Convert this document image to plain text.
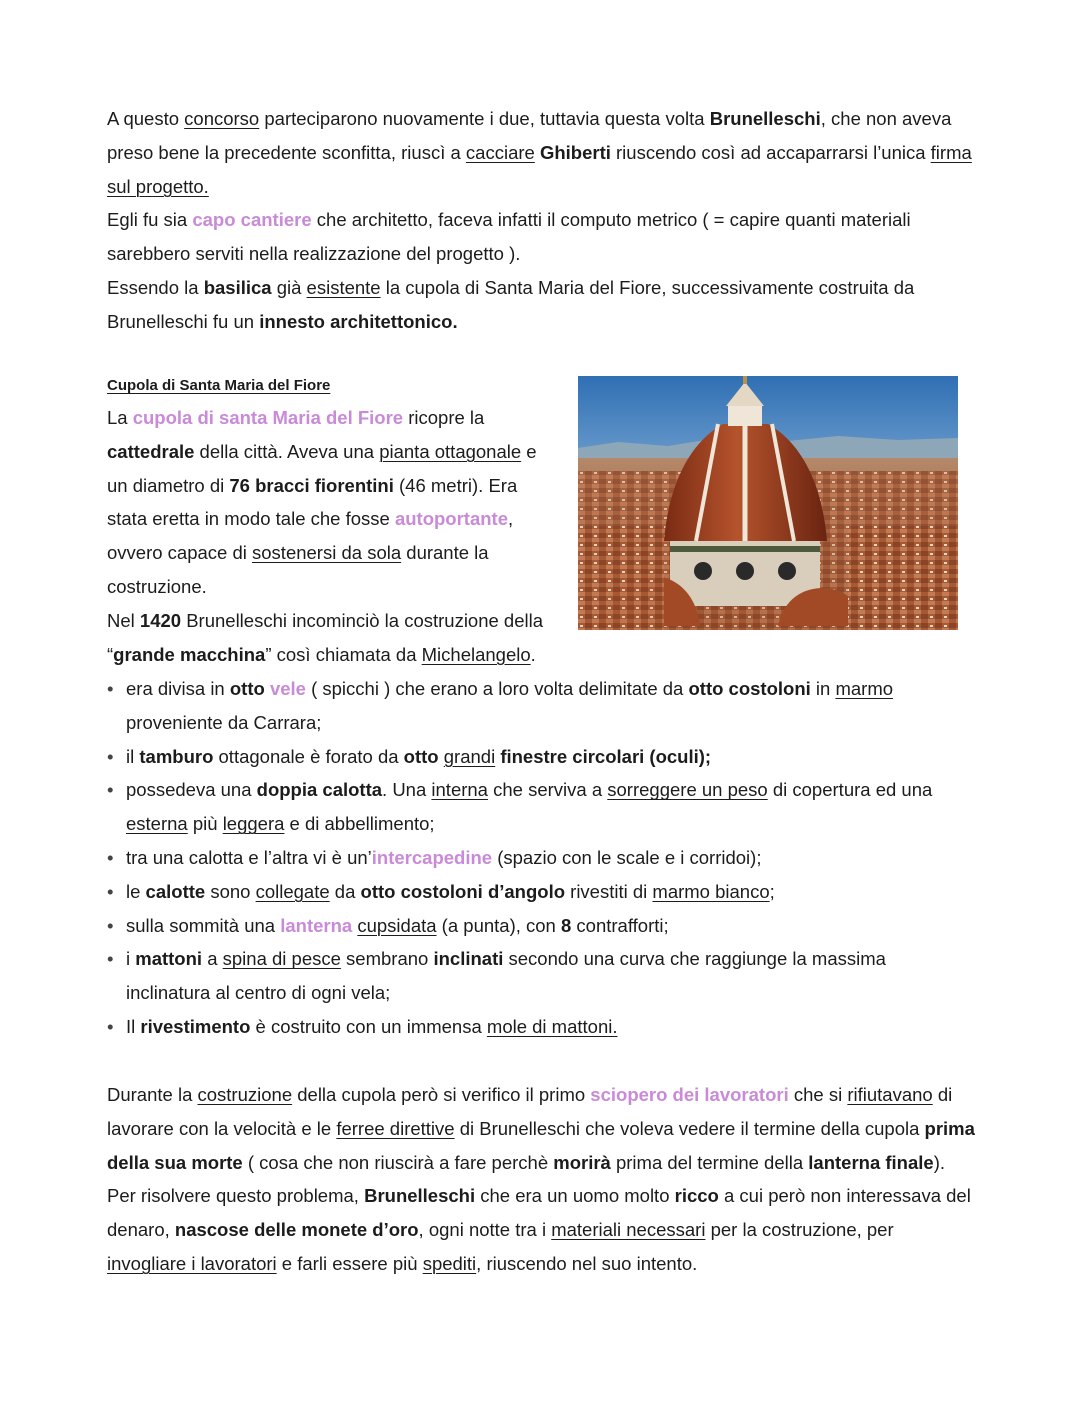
A questo concorso parteciparono nuovamente i due, tuttavia questa volta Brunelleschi, che non aveva preso bene la precedente sconfitta, riuscì a cacciare Ghiberti riuscendo così ad accaparrarsi l’unica firma sul progetto.

Egli fu sia capo cantiere che architetto, faceva infatti il computo metrico ( = capire quanti materiali sarebbero serviti nella realizzazione del progetto ).

Essendo la basilica già esistente la cupola di Santa Maria del Fiore, successivamente costruita da Brunelleschi fu un innesto architettonico.

Cupola di Santa Maria del Fiore

La cupola di santa Maria del Fiore ricopre la cattedrale della città. Aveva una pianta ottagonale e un diametro di 76 bracci fiorentini (46 metri). Era stata eretta in modo tale che fosse autoportante, ovvero capace di sostenersi da sola durante la costruzione.

Nel 1420 Brunelleschi incominciò la costruzione della “grande macchina” così chiamata da Michelangelo.

• era divisa in otto vele ( spicchi ) che erano a loro volta delimitate da otto costoloni in marmo proveniente da Carrara;
• il tamburo ottagonale è forato da otto grandi finestre circolari (oculi);
• possedeva una doppia calotta. Una interna che serviva a sorreggere un peso di copertura ed una esterna più leggera e di abbellimento;
• tra una calotta e l’altra vi è un’intercapedine (spazio con le scale e i corridoi);
• le calotte sono collegate da otto costoloni d’angolo rivestiti di marmo bianco;
• sulla sommità una lanterna cupsidata (a punta), con 8 contrafforti;
• i mattoni a spina di pesce sembrano inclinati secondo una curva che raggiunge la massima inclinatura al centro di ogni vela;
• Il rivestimento è costruito con un immensa mole di mattoni.

Durante la costruzione della cupola però si verifico il primo sciopero dei lavoratori che si rifiutavano di lavorare con la velocità e le ferree direttive di Brunelleschi che voleva vedere il termine della cupola prima della sua morte ( cosa che non riuscirà a fare perchè morirà prima del termine della lanterna finale). Per risolvere questo problema, Brunelleschi che era un uomo molto ricco a cui però non interessava del denaro, nascose delle monete d’oro, ogni notte tra i materiali necessari per la costruzione, per invogliare i lavoratori e farli essere più spediti, riuscendo nel suo intento.
